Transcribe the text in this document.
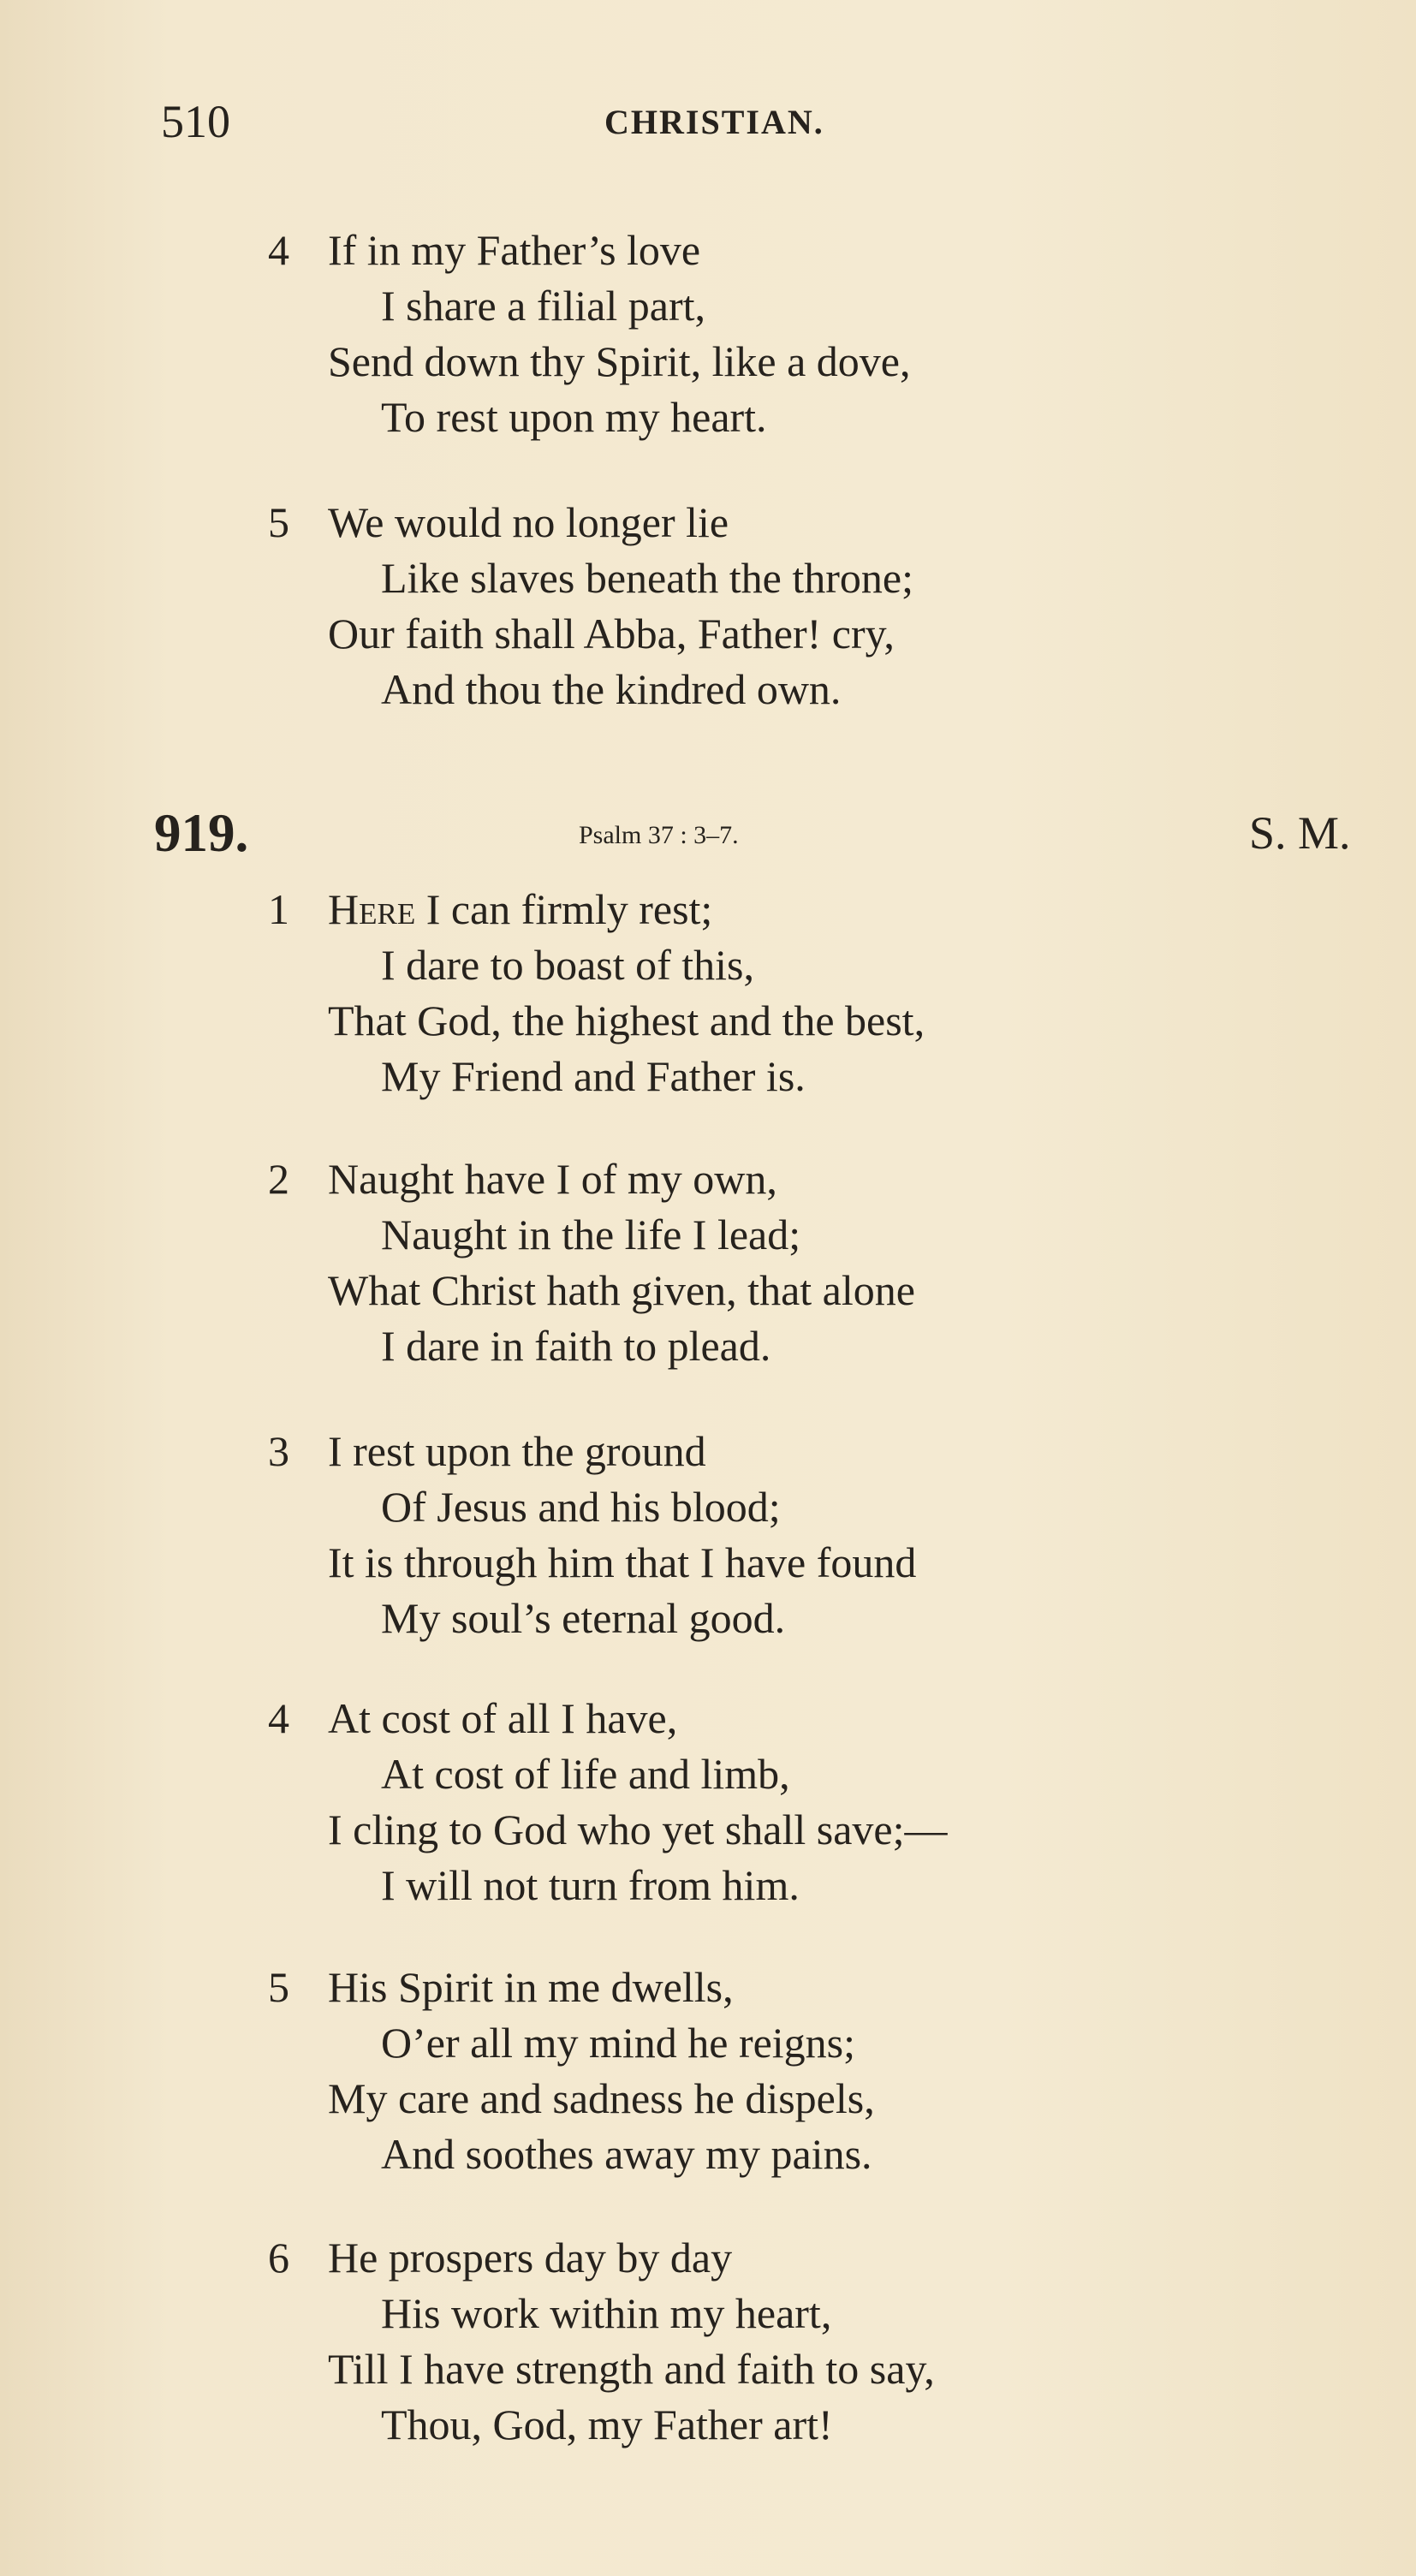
510	CHRISTIAN.
4 If in my Father’s love
I share a filial part,
Send down thy Spirit, like a dove,
To rest upon my heart.
5 We would no longer lie
Like slaves beneath the throne;
Our faith shall Abba, Father! cry,
And thou the kindred own.
919.	Psalm 37 : 3–7.	S. M.
1 Here I can firmly rest;
I dare to boast of this,
That God, the highest and the best,
My Friend and Father is.
2 Naught have I of my own,
Naught in the life I lead;
What Christ hath given, that alone
I dare in faith to plead.
3 I rest upon the ground
Of Jesus and his blood;
It is through him that I have found
My soul’s eternal good.
4 At cost of all I have,
At cost of life and limb,
I cling to God who yet shall save;—
I will not turn from him.
5 His Spirit in me dwells,
O’er all my mind he reigns;
My care and sadness he dispels,
And soothes away my pains.
6 He prospers day by day
His work within my heart,
Till I have strength and faith to say,
Thou, God, my Father art!
